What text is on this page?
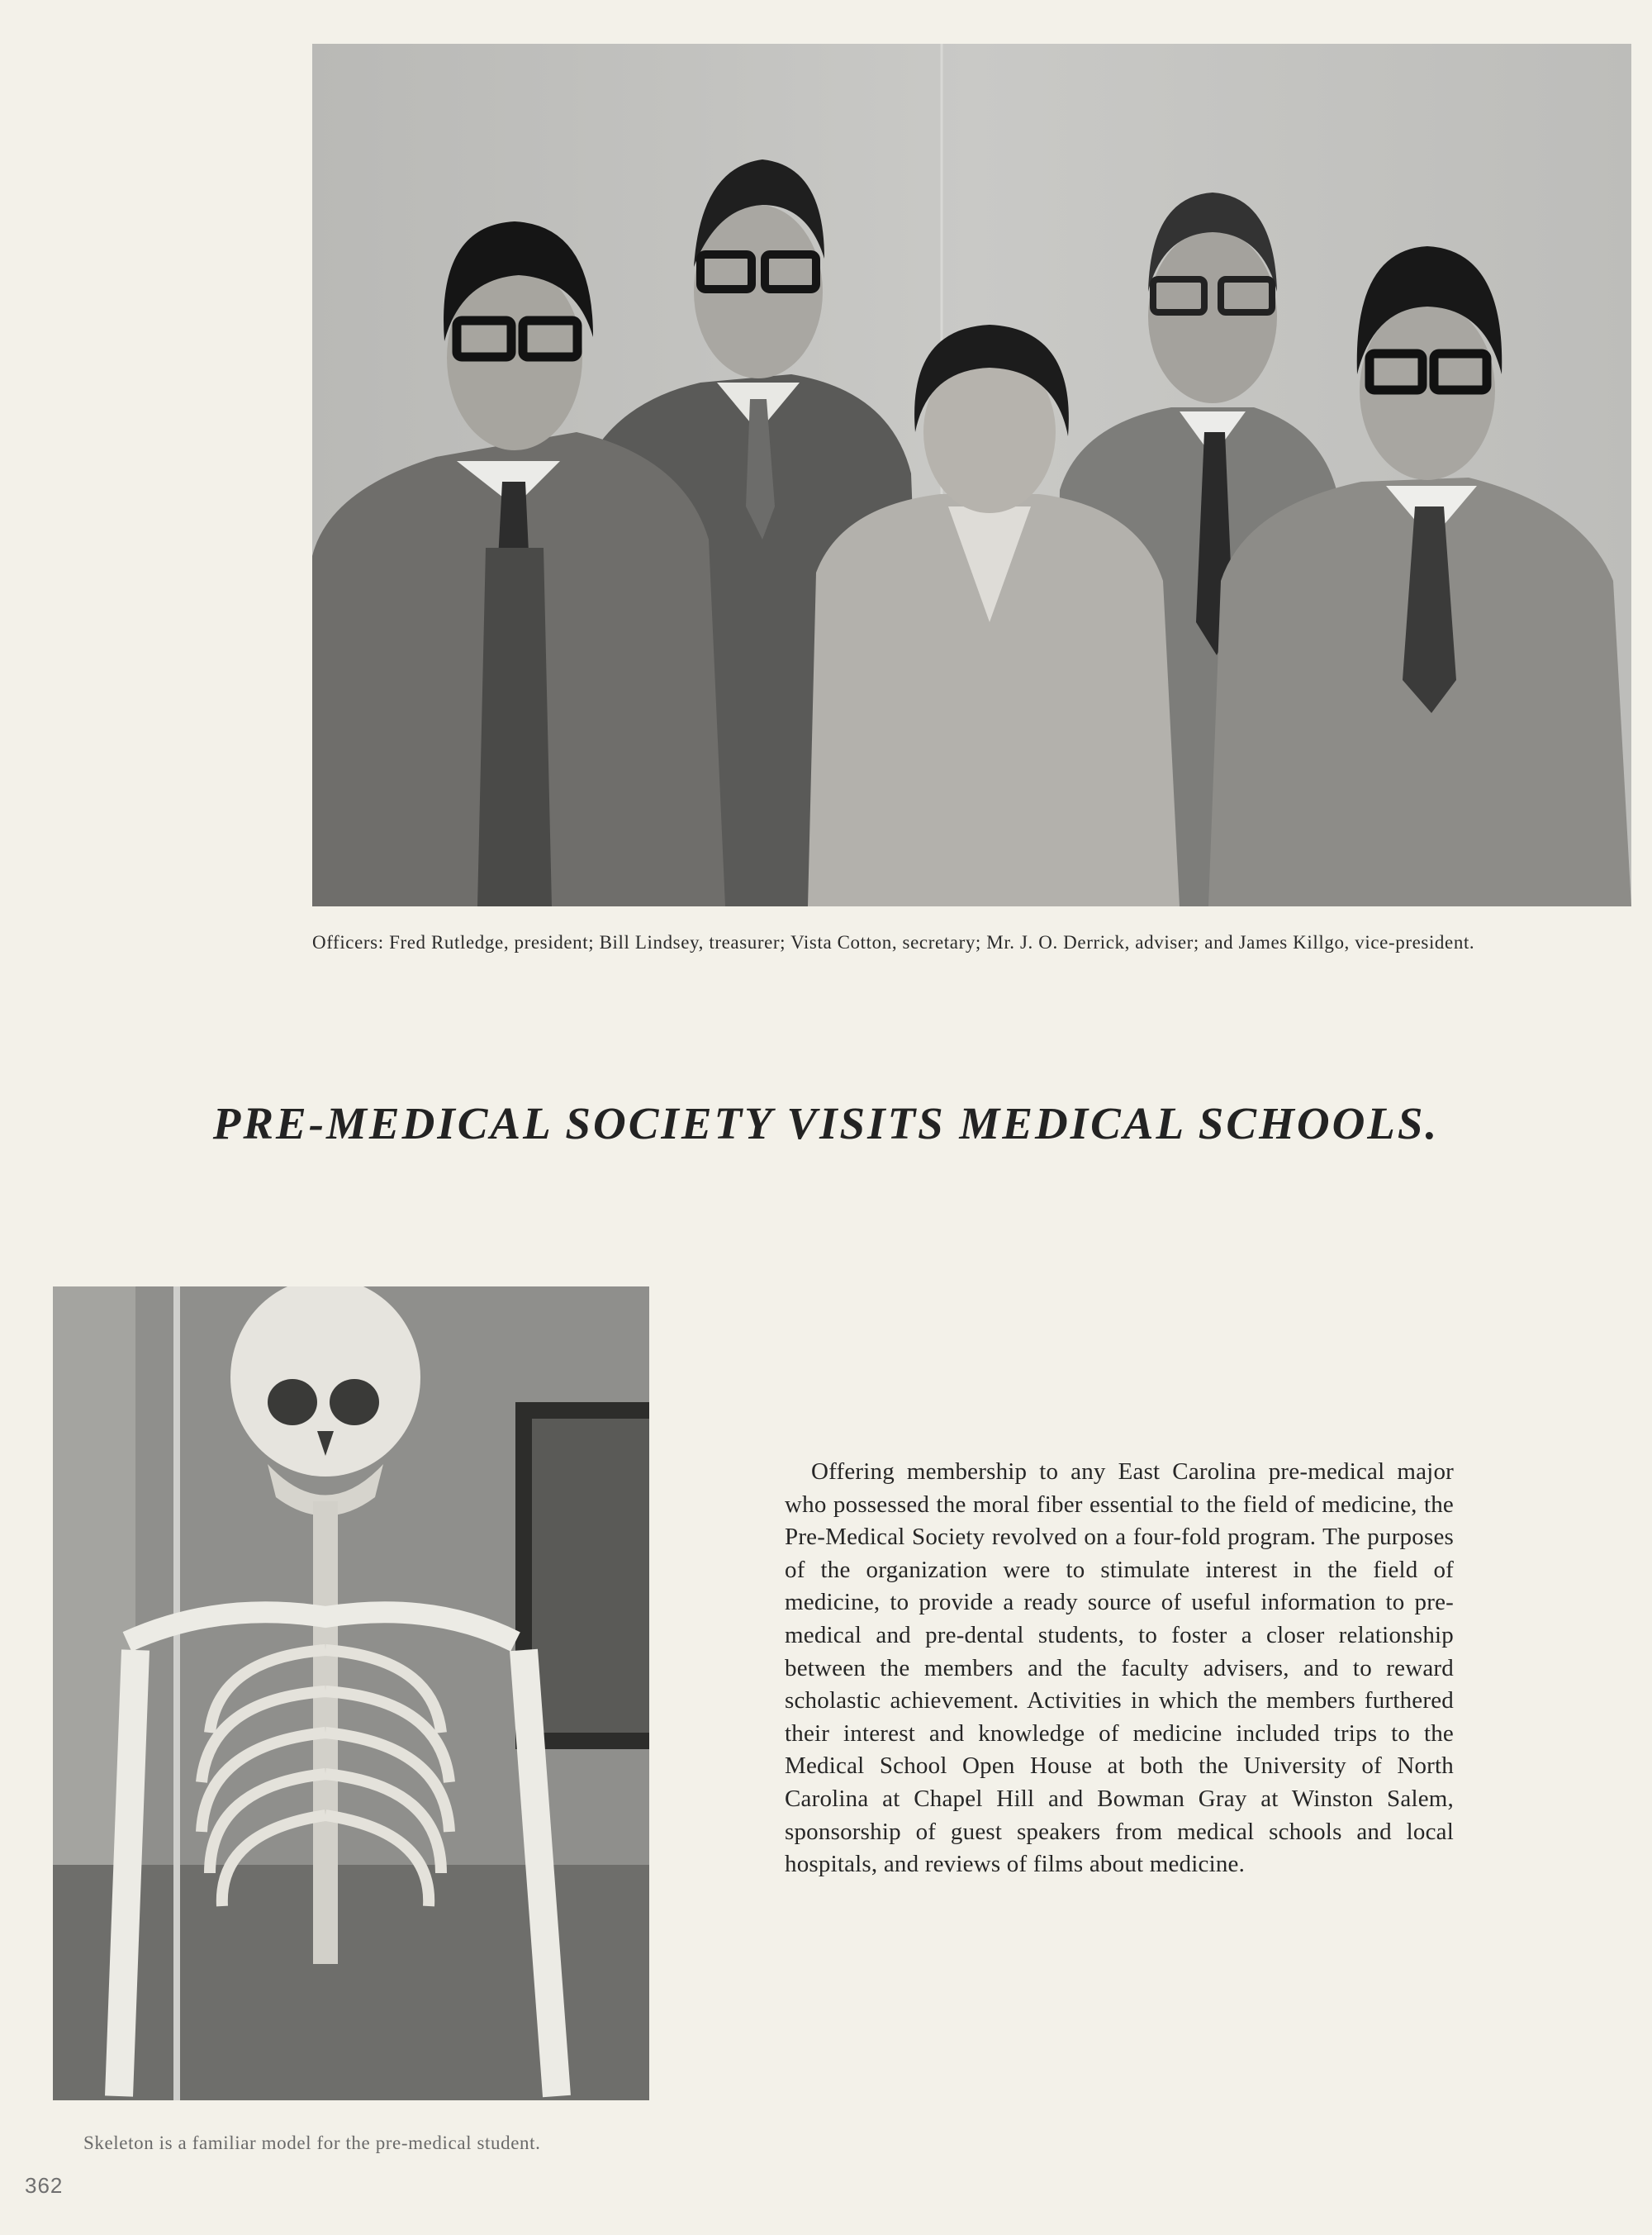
Officers: Fred Rutledge, president; Bill Lindsey, treasurer; Vista Cotton, secretary; Mr. J. O. Derrick, adviser; and James Killgo, vice-president.
PRE-MEDICAL SOCIETY VISITS MEDICAL SCHOOLS.
Skeleton is a familiar model for the pre-medical student.
Offering membership to any East Carolina pre-medical major who possessed the moral fiber essential to the field of medicine, the Pre-Medical Society revolved on a four-fold program. The purposes of the organization were to stimulate interest in the field of medicine, to provide a ready source of useful information to pre-medical and pre-dental students, to foster a closer relationship between the members and the faculty advisers, and to reward scholastic achievement. Activities in which the members furthered their interest and knowledge of medicine included trips to the Medical School Open House at both the University of North Carolina at Chapel Hill and Bowman Gray at Winston Salem, sponsorship of guest speakers from medical schools and local hospitals, and reviews of films about medicine.
362
